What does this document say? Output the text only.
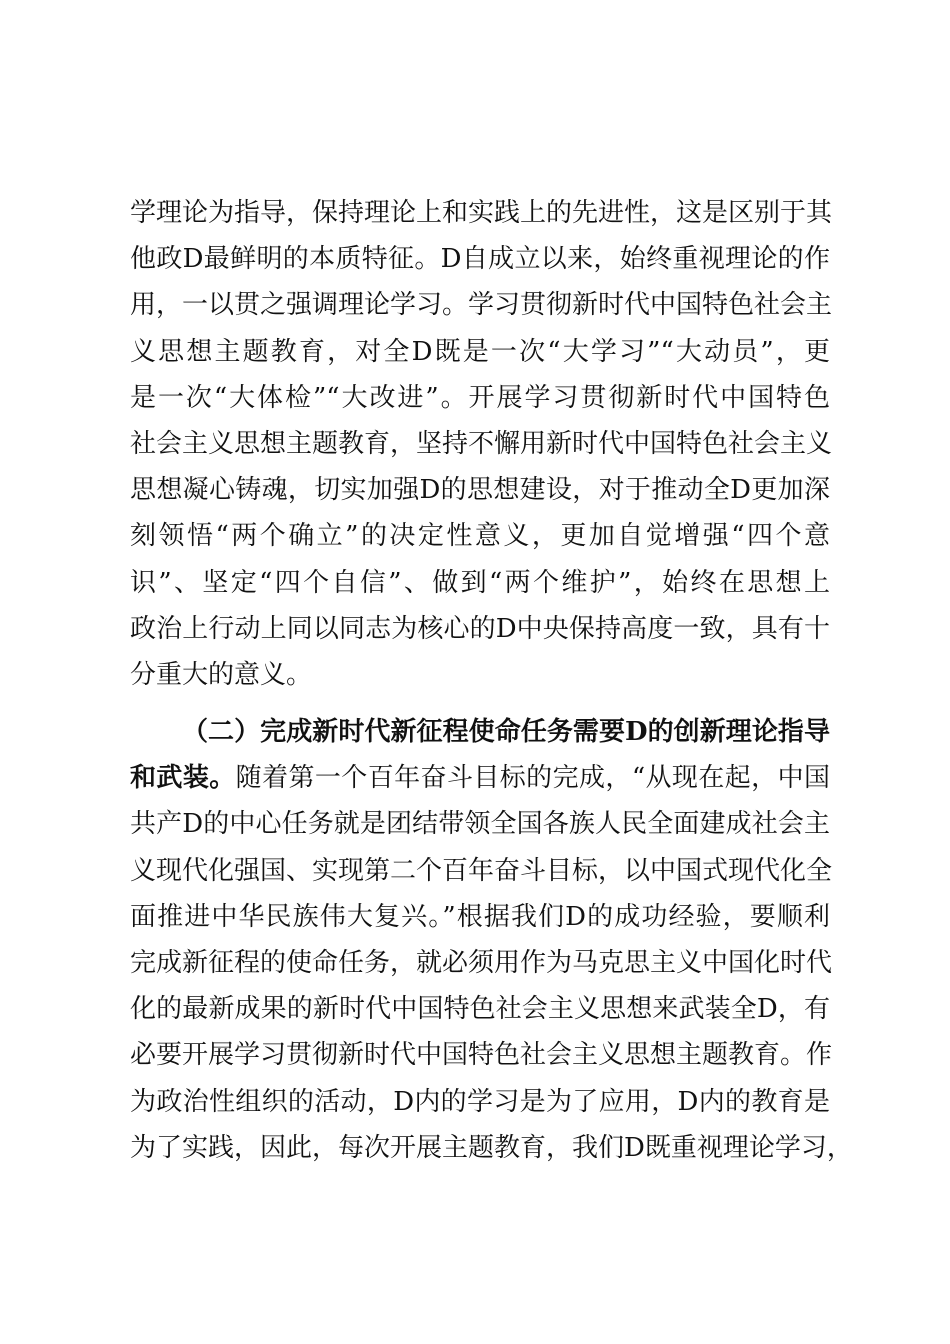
学理论为指导，保持理论上和实践上的先进性，这是区别于其
他政D最鲜明的本质特征。D自成立以来，始终重视理论的作
用，一以贯之强调理论学习。学习贯彻新时代中国特色社会主
义思想主题教育，对全D既是一次“大学习”“大动员”，更
是一次“大体检”“大改进”。开展学习贯彻新时代中国特色
社会主义思想主题教育，坚持不懈用新时代中国特色社会主义
思想凝心铸魂，切实加强D的思想建设，对于推动全D更加深
刻领悟“两个确立”的决定性意义，更加自觉增强“四个意
识”、坚定“四个自信”、做到“两个维护”，始终在思想上
政治上行动上同以同志为核心的D中央保持高度一致，具有十
分重大的意义。
（二）完成新时代新征程使命任务需要D的创新理论指导
和武装。随着第一个百年奋斗目标的完成，“从现在起，中国
共产D的中心任务就是团结带领全国各族人民全面建成社会主
义现代化强国、实现第二个百年奋斗目标，以中国式现代化全
面推进中华民族伟大复兴。”根据我们D的成功经验，要顺利
完成新征程的使命任务，就必须用作为马克思主义中国化时代
化的最新成果的新时代中国特色社会主义思想来武装全D，有
必要开展学习贯彻新时代中国特色社会主义思想主题教育。作
为政治性组织的活动，D内的学习是为了应用，D内的教育是
为了实践，因此，每次开展主题教育，我们D既重视理论学习，
